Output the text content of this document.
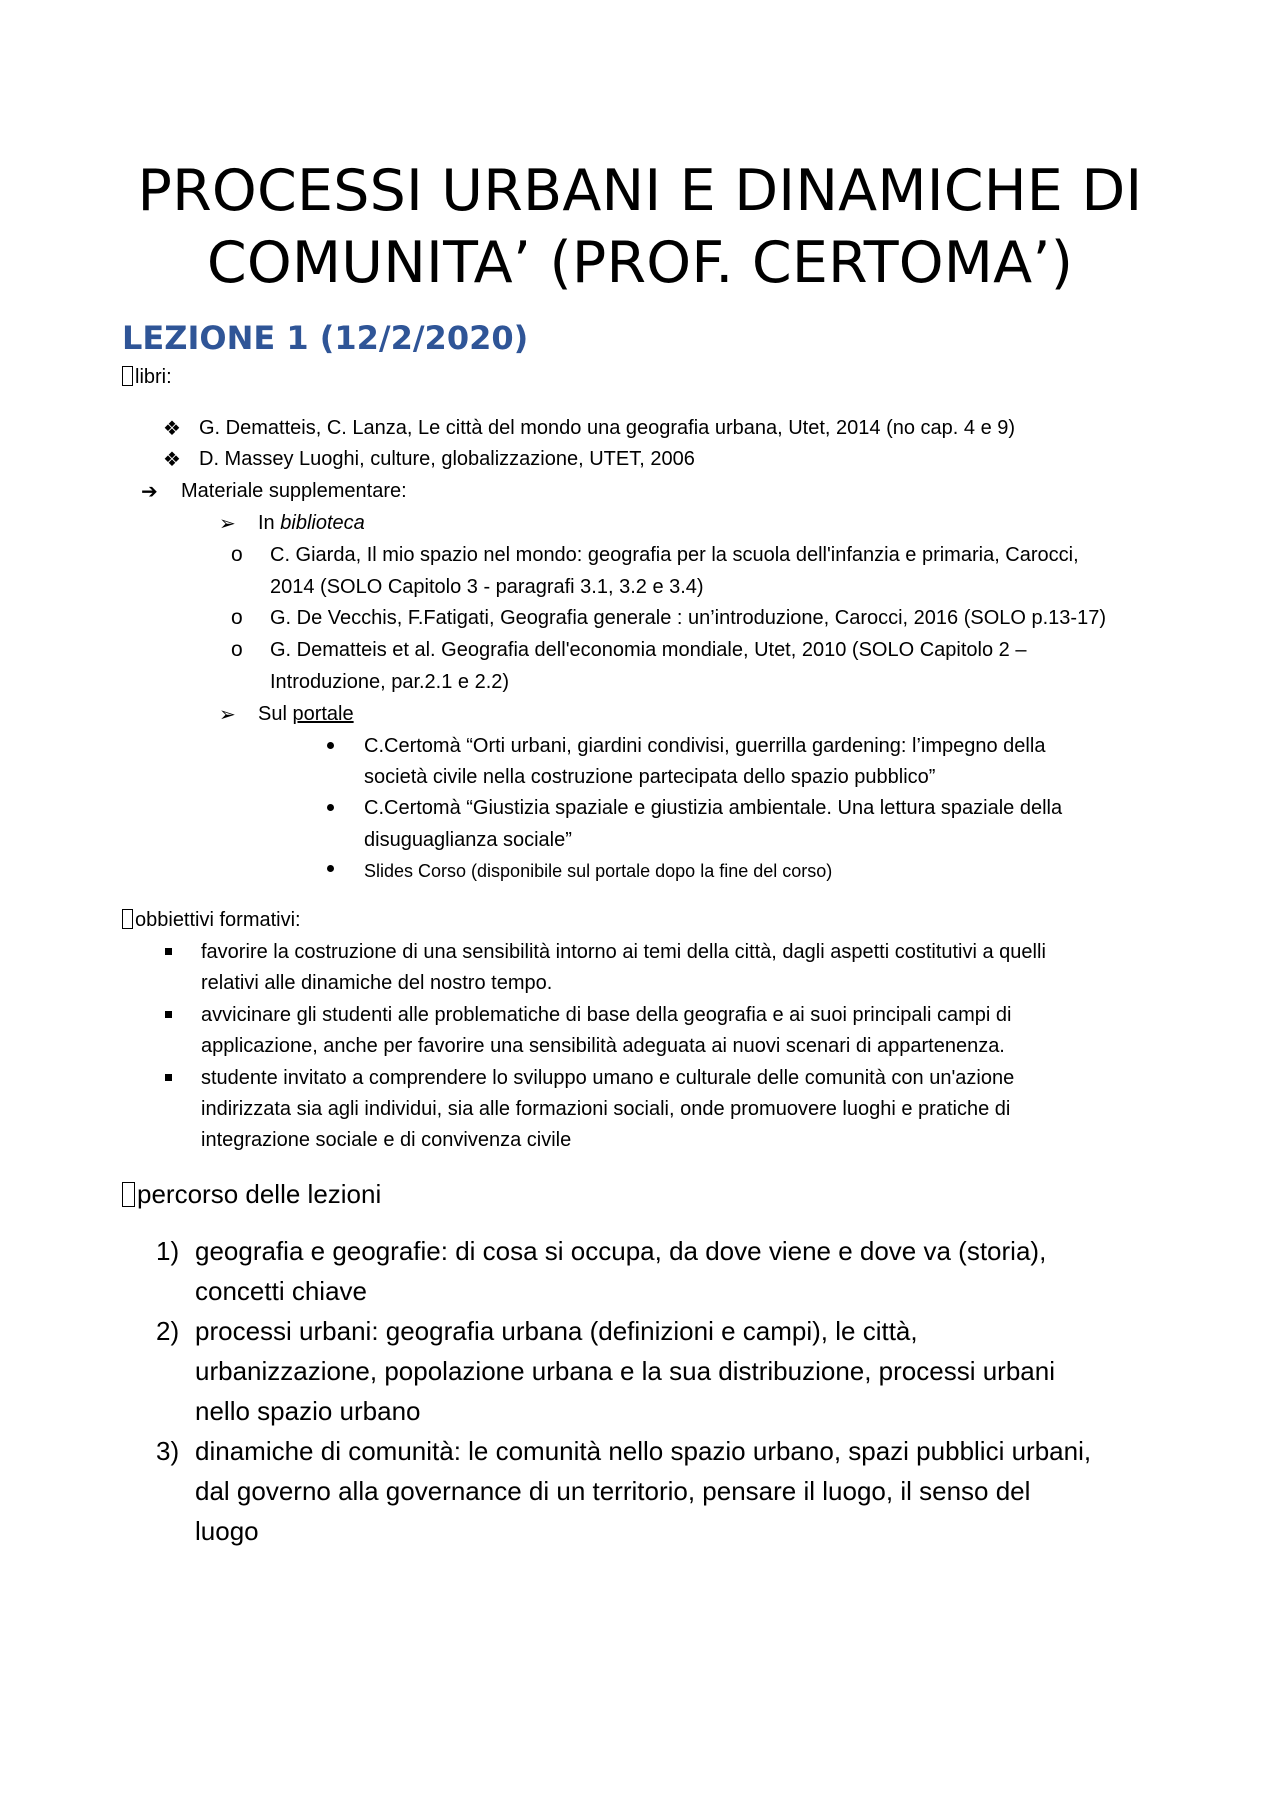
PROCESSI URBANI E DINAMICHE DI
COMUNITA’ (PROF. CERTOMA’)
LEZIONE 1 (12/2/2020)
libri:
❖ G. Dematteis, C. Lanza, Le città del mondo una geografia urbana, Utet, 2014 (no cap. 4 e 9)
❖ D. Massey Luoghi, culture, globalizzazione, UTET, 2006
➔ Materiale supplementare:
➢ In biblioteca
o C. Giarda, Il mio spazio nel mondo: geografia per la scuola dell'infanzia e primaria, Carocci,
2014 (SOLO Capitolo 3 - paragrafi 3.1, 3.2 e 3.4)
o G. De Vecchis, F.Fatigati, Geografia generale : un’introduzione, Carocci, 2016 (SOLO p.13-17)
o G. Dematteis et al. Geografia dell'economia mondiale, Utet, 2010 (SOLO Capitolo 2 –
Introduzione, par.2.1 e 2.2)
➢ Sul portale
C.Certomà “Orti urbani, giardini condivisi, guerrilla gardening: l’impegno della
società civile nella costruzione partecipata dello spazio pubblico”
C.Certomà “Giustizia spaziale e giustizia ambientale. Una lettura spaziale della
disuguaglianza sociale”
Slides Corso (disponibile sul portale dopo la fine del corso)
obbiettivi formativi:
favorire la costruzione di una sensibilità intorno ai temi della città, dagli aspetti costitutivi a quelli
relativi alle dinamiche del nostro tempo.
avvicinare gli studenti alle problematiche di base della geografia e ai suoi principali campi di
applicazione, anche per favorire una sensibilità adeguata ai nuovi scenari di appartenenza.
studente invitato a comprendere lo sviluppo umano e culturale delle comunità con un'azione
indirizzata sia agli individui, sia alle formazioni sociali, onde promuovere luoghi e pratiche di
integrazione sociale e di convivenza civile
percorso delle lezioni
1) geografia e geografie: di cosa si occupa, da dove viene e dove va (storia),
concetti chiave
2) processi urbani: geografia urbana (definizioni e campi), le città,
urbanizzazione, popolazione urbana e la sua distribuzione, processi urbani
nello spazio urbano
3) dinamiche di comunità: le comunità nello spazio urbano, spazi pubblici urbani,
dal governo alla governance di un territorio, pensare il luogo, il senso del
luogo
